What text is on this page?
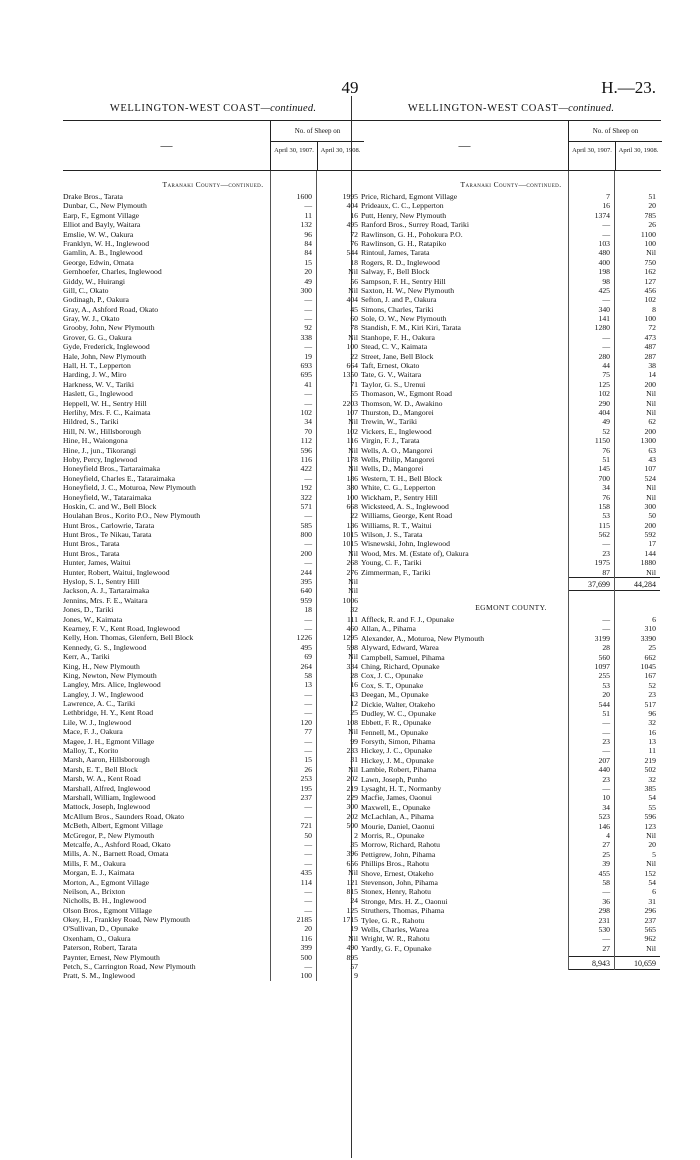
49	H.—23.
WELLINGTON-WEST COAST—continued.
—
No. of Sheep on
April 30, 1907.	April 30, 1908.
Taranaki County—continued.
Drake Bros., Tarata	1600	1995
Dunbar, C., New Plymouth	—	404
Earp, F., Egmont Village	11	16
Elliot and Bayly, Waitara	132	495
Emslie, W. W., Oakura	96	72
Franklyn, W. H., Inglewood	84	76
Gamlin, A. B., Inglewood	84	544
George, Edwin, Omata	15	18
Gernhoefer, Charles, Inglewood	20	Nil
Giddy, W., Huirangi	49	56
Gill, C., Okato	300	Nil
Godinagh, P., Oakura	—	404
Gray, A., Ashford Road, Okato	—	45
Gray, W. J., Okato	—	60
Grooby, John, New Plymouth	92	78
Grover, G. G., Oakura	338	Nil
Gyde, Frederick, Inglewood	—	100
Hale, John, New Plymouth	19	22
Hall, H. T., Lepperton	693	664
Harding, J. W., Miro	695	1350
Harkness, W. V., Tariki	41	71
Haslett, G., Inglewood	—	55
Heppell, W. H., Sentry Hill	—	2203
Herlihy, Mrs. F. C., Kaimata	102	107
Hildred, S., Tariki	34	Nil
Hill, N. W., Hillsborough	70	102
Hine, H., Waiongona	112	116
Hine, J., jun., Tikorangi	596	Nil
Hoby, Percy, Inglewood	116	178
Honeyfield Bros., Tartaraimaka	422	Nil
Honeyfield, Charles E., Tataraimaka	—	186
Honeyfield, J. C., Moturoa, New Plymouth	192	380
Honeyfield, W., Tataraimaka	322	100
Hoskin, C. and W., Bell Block	571	668
Houlahan Bros., Korito P.O., New Plymouth	—	22
Hunt Bros., Carlowrie, Tarata	585	136
Hunt Bros., Te Nikau, Tarata	800	1015
Hunt Bros., Tarata	—	1015
Hunt Bros., Tarata	200	Nil
Hunter, James, Waitui	—	268
Hunter, Robert, Waitui, Inglewood	244	276
Hyslop, S. I., Sentry Hill	395	Nil
Jackson, A. J., Tartaraimaka	640	Nil
Jennins, Mrs. F. E., Waitara	959	1006
Jones, D., Tariki	18	32
Jones, W., Kaimata	—	111
Kearney, F. V., Kent Road, Inglewood	—	460
Kelly, Hon. Thomas, Glenfern, Bell Block	1226	1295
Kennedy, G. S., Inglewood	495	598
Kerr, A., Tariki	69	Nil
King, H., New Plymouth	264	334
King, Newton, New Plymouth	58	28
Langley, Mrs. Alice, Inglewood	13	16
Langley, J. W., Inglewood	—	43
Lawrence, A. C., Tariki	—	12
Lethbridge, H. Y., Kent Road	—	25
Lile, W. J., Inglewood	120	108
Mace, F. J., Oakura	77	Nil
Magee, J. H., Egmont Village	—	99
Malloy, T., Korito	—	233
Marsh, Aaron, Hillsborough	15	31
Marsh, E. T., Bell Block	26	Nil
Marsh, W. A., Kent Road	253	202
Marshall, Alfred, Inglewood	195	219
Marshall, William, Inglewood	237	229
Mattock, Joseph, Inglewood	—	300
McAllum Bros., Saunders Road, Okato	—	202
McBeth, Albert, Egmont Village	721	500
McGregor, P., New Plymouth	50	2
Metcalfe, A., Ashford Road, Okato	—	35
Mills, A. N., Barnett Road, Omata	—	396
Mills, F. M., Oakura	—	656
Morgan, E. J., Kaimata	435	Nil
Morton, A., Egmont Village	114	121
Neilson, A., Brixton	—	815
Nicholls, B. H., Inglewood	—	24
Olson Bros., Egmont Village	—	125
Okey, H., Frankley Road, New Plymouth	2185	1715
O'Sullivan, D., Opunake	20	19
Oxenham, O., Oakura	116	Nil
Paterson, Robert, Tarata	399	490
Paynter, Ernest, New Plymouth	500	895
Petch, S., Carrington Road, New Plymouth	—	57
Pratt, S. M., Inglewood	100	9
WELLINGTON-WEST COAST—continued.
—
No. of Sheep on
April 30, 1907.	April 30, 1908.
Taranaki County—continued.
Price, Richard, Egmont Village	7	51
Prideaux, C. C., Lepperton	16	20
Putt, Henry, New Plymouth	1374	785
Ranford Bros., Surrey Road, Tariki	—	26
Rawlinson, G. H., Pohokura P.O.	—	1100
Rawlinson, G. H., Ratapiko	103	100
Rintoul, James, Tarata	480	Nil
Rogers, R. D., Inglewood	400	750
Salway, F., Bell Block	198	162
Sampson, F. H., Sentry Hill	98	127
Saxton, H. W., New Plymouth	425	456
Sefton, J. and P., Oakura	—	102
Simons, Charles, Tariki	340	8
Sole, O. W., New Plymouth	141	100
Standish, F. M., Kiri Kiri, Tarata	1280	72
Stanhope, F. H., Oakura	—	473
Stead, C. V., Kaimata	—	487
Street, Jane, Bell Block	280	287
Taft, Ernest, Okato	44	38
Tate, G. V., Waitara	75	14
Taylor, G. S., Urenui	125	200
Thomason, W., Egmont Road	102	Nil
Thomson, W. D., Awakino	290	Nil
Thurston, D., Mangorei	404	Nil
Trewin, W., Tariki	49	62
Vickers, E., Inglewood	52	200
Virgin, F. J., Tarata	1150	1300
Wells, A. O., Mangorei	76	63
Wells, Philip, Mangorei	51	43
Wells, D., Mangorei	145	107
Western, T. H., Bell Block	700	524
White, C. G., Lepperton	34	Nil
Wickham, P., Sentry Hill	76	Nil
Wicksteed, A. S., Inglewood	158	300
Williams, George, Kent Road	53	50
Williams, R. T., Waitui	115	200
Wilson, J. S., Tarata	562	592
Wisnewski, John, Inglewood	—	17
Wood, Mrs. M. (Estate of), Oakura	23	144
Young, C. F., Tariki	1975	1880
Zimmerman, F., Tariki	87	Nil
37,699	44,284
EGMONT COUNTY.
Affleck, R. and F. J., Opunake	—	6
Allan, A., Pihama	—	310
Alexander, A., Moturoa, New Plymouth	3199	3390
Alyward, Edward, Warea	28	25
Campbell, Samuel, Pihama	560	662
Ching, Richard, Opunake	1097	1045
Cox, J. C., Opunake	255	167
Cox, S. T., Opunake	53	52
Deegan, M., Opunake	20	23
Dickie, Walter, Otakeho	544	517
Dudley, W. C., Opunake	51	96
Ebbett, F. R., Opunake	—	32
Fennell, M., Opunake	—	16
Forsyth, Simon, Pihama	23	13
Hickey, J. C., Opunake	—	11
Hickey, J. M., Opunake	207	219
Lambie, Robert, Pihama	440	502
Lawn, Joseph, Punho	23	32
Lysaght, H. T., Normanby	—	385
Macfie, James, Oaonui	10	54
Maxwell, E., Opunake	34	55
McLachlan, A., Pihama	523	596
Mourie, Daniel, Oaonui	146	123
Morris, R., Opunake	4	Nil
Morrow, Richard, Rahotu	27	20
Pettigrew, John, Pihama	25	5
Phillips Bros., Rahotu	39	Nil
Shove, Ernest, Otakeho	455	152
Stevenson, John, Pihama	58	54
Stonex, Henry, Rahotu	—	6
Stronge, Mrs. H. Z., Oaonui	36	31
Struthers, Thomas, Pihama	298	296
Tylee, G. R., Rahotu	231	237
Wells, Charles, Warea	530	565
Wright, W. R., Rahotu	—	962
Yardly, G. F., Opunake	27	Nil
8,943	10,659
